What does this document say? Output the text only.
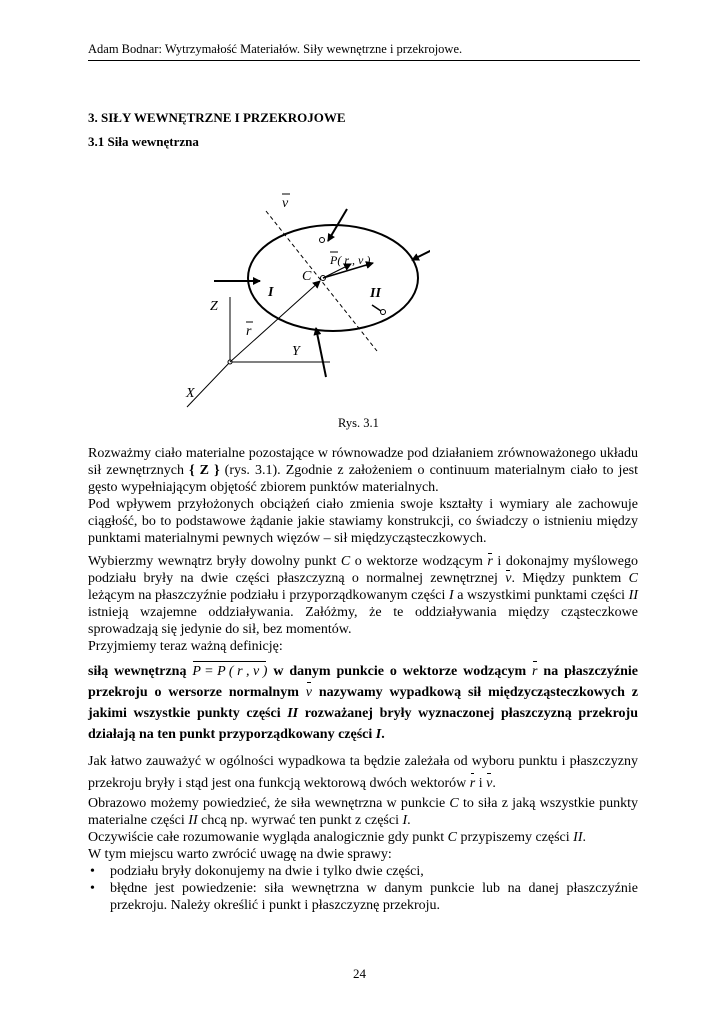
Adam Bodnar: Wytrzymałość Materiałów. Siły wewnętrzne i przekrojowe.
3. SIŁY WEWNĘTRZNE I PRZEKROJOWE
3.1 Siła wewnętrzna
v
P( r , v )
C
I	II
Z
r
Y
X
Rys. 3.1

Rozważmy ciało materialne pozostające w równowadze pod działaniem zrównoważonego układu sił zewnętrznych { Z } (rys. 3.1). Zgodnie z założeniem o continuum materialnym ciało to jest gęsto wypełniającym objętość zbiorem punktów materialnych.

Pod wpływem przyłożonych obciążeń ciało zmienia swoje kształty i wymiary ale zachowuje ciągłość, bo to podstawowe żądanie jakie stawiamy konstrukcji, co świadczy o istnieniu między punktami materialnymi pewnych więzów – sił międzycząsteczkowych.

Wybierzmy wewnątrz bryły dowolny punkt C o wektorze wodzącym r i dokonajmy myślowego podziału bryły na dwie części płaszczyzną o normalnej zewnętrznej v. Między punktem C leżącym na płaszczyźnie podziału i przyporządkowanym części I a wszystkimi punktami części II istnieją wzajemne oddziaływania. Załóżmy, że te oddziaływania między cząsteczkowe sprowadzają się jedynie do sił, bez momentów.

Przyjmiemy teraz ważną definicję:

siłą wewnętrzną P = P ( r , v ) w danym punkcie o wektorze wodzącym r na płaszczyźnie przekroju o wersorze normalnym v nazywamy wypadkową sił międzycząsteczkowych z jakimi wszystkie punkty części II rozważanej bryły wyznaczonej płaszczyzną przekroju działają na ten punkt przyporządkowany części I.

Jak łatwo zauważyć w ogólności wypadkowa ta będzie zależała od wyboru punktu i płaszczyzny przekroju bryły i stąd jest ona funkcją wektorową dwóch wektorów r i v.

Obrazowo możemy powiedzieć, że siła wewnętrzna w punkcie C to siła z jaką wszystkie punkty materialne części II chcą np. wyrwać ten punkt z części I.

Oczywiście całe rozumowanie wygląda analogicznie gdy punkt C przypiszemy części II.

W tym miejscu warto zwrócić uwagę na dwie sprawy:

• podziału bryły dokonujemy na dwie i tylko dwie części,
• błędne jest powiedzenie: siła wewnętrzna w danym punkcie lub na danej płaszczyźnie przekroju. Należy określić i punkt i płaszczyznę przekroju.
24
